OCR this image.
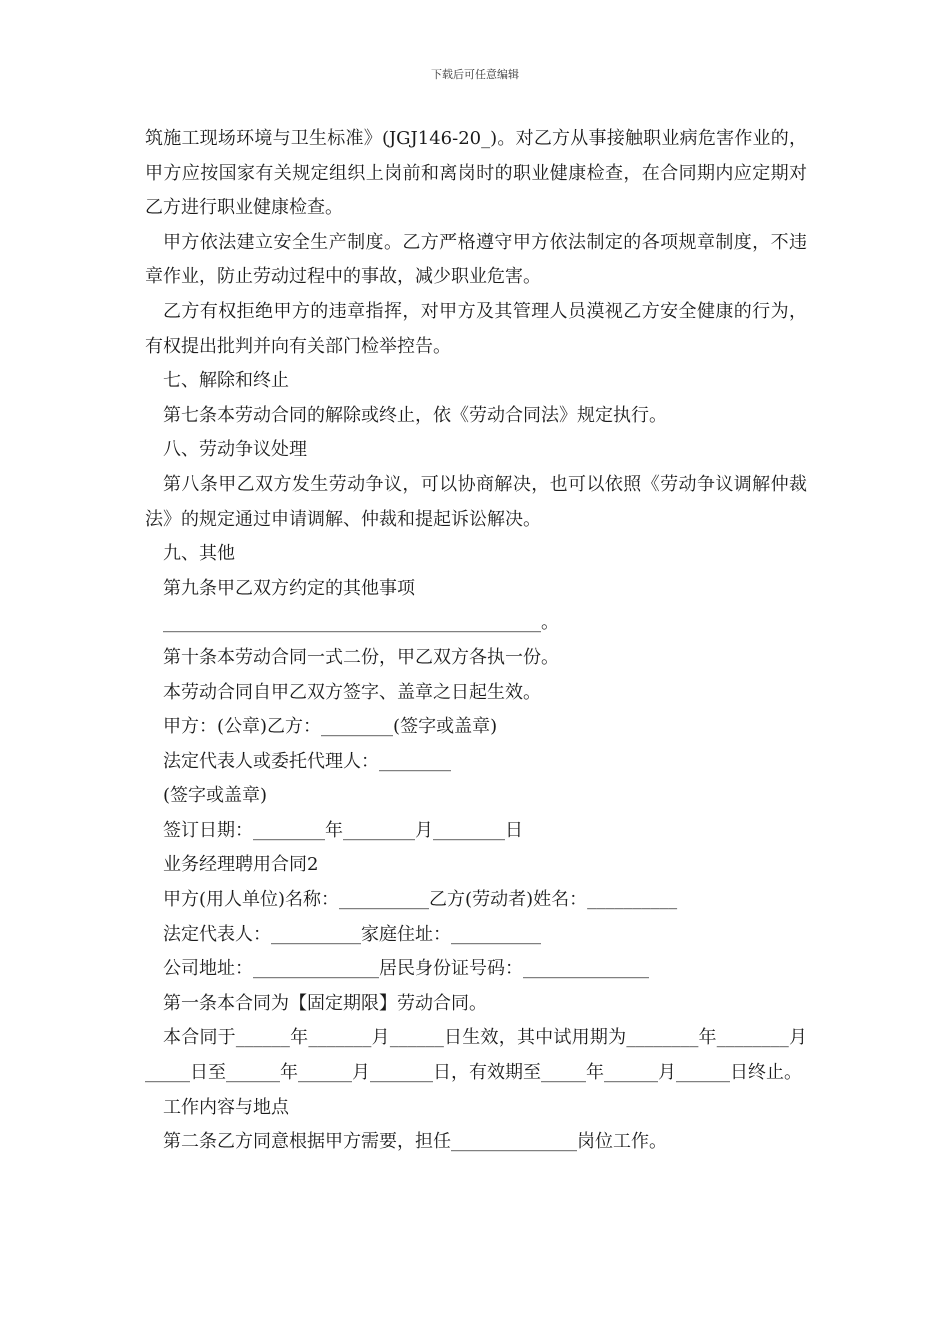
下载后可任意编辑

筑施工现场环境与卫生标准》(JGJ146-20_)。对乙方从事接触职业病危害作业的，甲方应按国家有关规定组织上岗前和离岗时的职业健康检查，在合同期内应定期对乙方进行职业健康检查。

甲方依法建立安全生产制度。乙方严格遵守甲方依法制定的各项规章制度，不违章作业，防止劳动过程中的事故，减少职业危害。

乙方有权拒绝甲方的违章指挥，对甲方及其管理人员漠视乙方安全健康的行为，有权提出批判并向有关部门检举控告。

七、解除和终止

第七条本劳动合同的解除或终止，依《劳动合同法》规定执行。

八、劳动争议处理

第八条甲乙双方发生劳动争议，可以协商解决，也可以依照《劳动争议调解仲裁法》的规定通过申请调解、仲裁和提起诉讼解决。

九、其他

第九条甲乙双方约定的其他事项

__________________________________________。

第十条本劳动合同一式二份，甲乙双方各执一份。

本劳动合同自甲乙双方签字、盖章之日起生效。

甲方：(公章)乙方：________(签字或盖章)

法定代表人或委托代理人：________

(签字或盖章)

签订日期：________年________月________日

业务经理聘用合同2

甲方(用人单位)名称：__________乙方(劳动者)姓名：__________

法定代表人：__________家庭住址：__________

公司地址：______________居民身份证号码：______________

第一条本合同为【固定期限】劳动合同。

本合同于______年_______月______日生效，其中试用期为________年________月_____日至______年______月_______日，有效期至_____年______月______日终止。

工作内容与地点

第二条乙方同意根据甲方需要，担任______________岗位工作。
